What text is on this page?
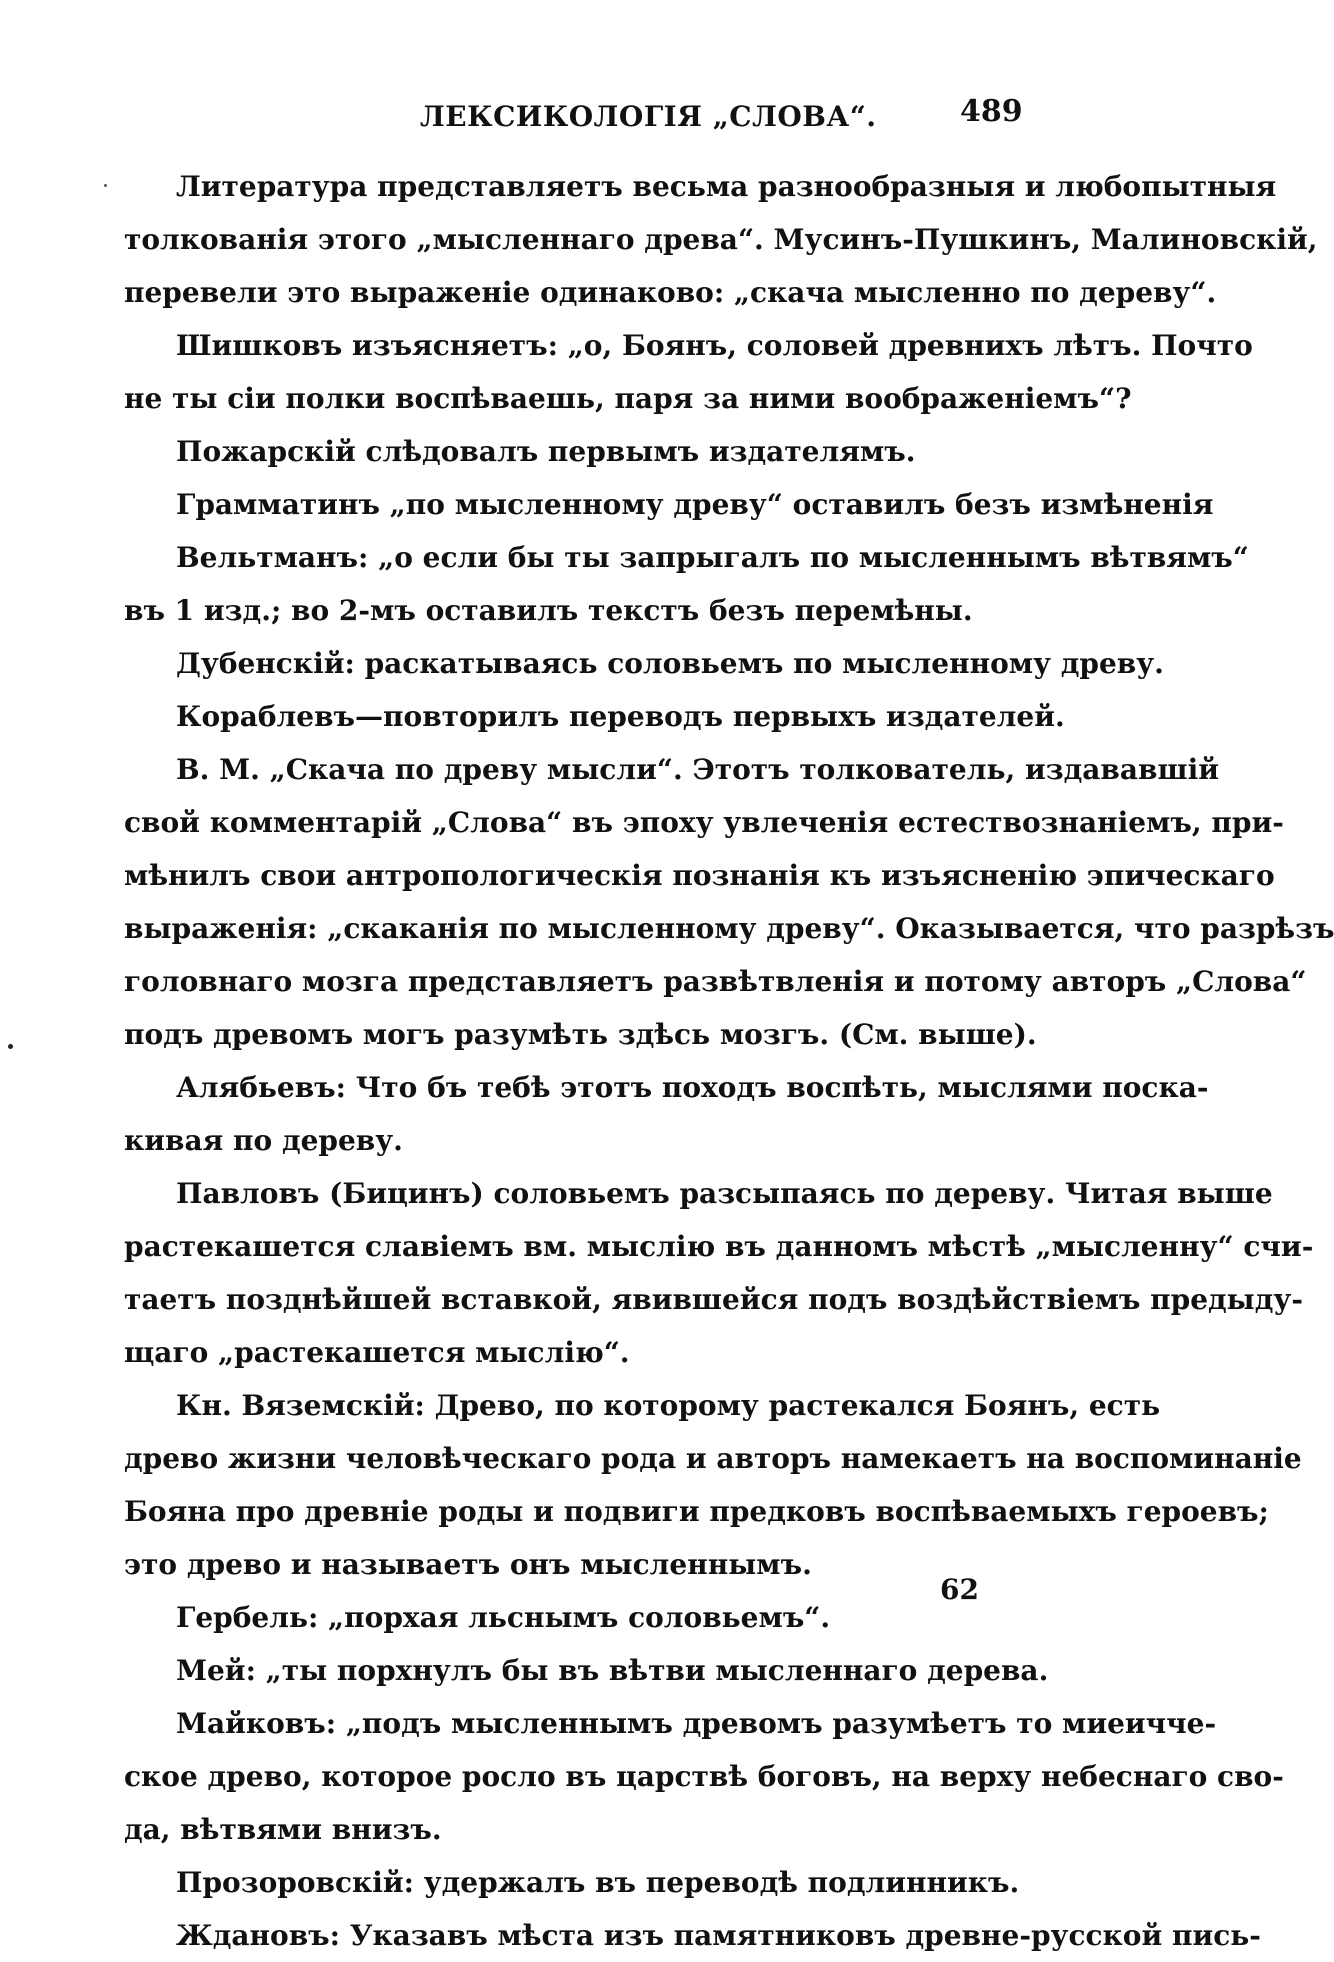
ЛЕКСИКОЛОГІЯ „СЛОВА“.	489
Литература представляетъ весьма разнообразныя и любопытныя
толкованія этого „мысленнаго древа“. Мусинъ-Пушкинъ, Малиновскій,
перевели это выраженіе одинаково: „скача мысленно по дереву“.
Шишковъ изъясняетъ: „о, Боянъ, соловей древнихъ лѣтъ. Почто
не ты сіи полки воспѣваешь, паря за ними воображеніемъ“?
Пожарскій слѣдовалъ первымъ издателямъ.
Грамматинъ „по мысленному древу“ оставилъ безъ измѣненія
Вельтманъ: „о если бы ты запрыгалъ по мысленнымъ вѣтвямъ“
въ 1 изд.; во 2-мъ оставилъ текстъ безъ перемѣны.
Дубенскій: раскатываясь соловьемъ по мысленному древу.
Кораблевъ—повторилъ переводъ первыхъ издателей.
В. М. „Скача по древу мысли“. Этотъ толкователь, издававшій
свой комментарій „Слова“ въ эпоху увлеченія естествознаніемъ, при-
мѣнилъ свои антропологическія познанія къ изъясненію эпическаго
выраженія: „скаканія по мысленному древу“. Оказывается, что разрѣзъ
головнаго мозга представляетъ развѣтвленія и потому авторъ „Слова“
подъ древомъ могъ разумѣть здѣсь мозгъ. (См. выше).
Алябьевъ: Что бъ тебѣ этотъ походъ воспѣть, мыслями поска-
кивая по дереву.
Павловъ (Бицинъ) соловьемъ разсыпаясь по дереву. Читая выше
растекашется славіемъ вм. мыслію въ данномъ мѣстѣ „мысленну“ счи-
таетъ позднѣйшей вставкой, явившейся подъ воздѣйствіемъ предыду-
щаго „растекашется мыслію“.
Кн. Вяземскій: Древо, по которому растекался Боянъ, есть
древо жизни человѣческаго рода и авторъ намекаетъ на воспоминаніе
Бояна про древніе роды и подвиги предковъ воспѣваемыхъ героевъ;
это древо и называетъ онъ мысленнымъ.
Гербель: „порхая льснымъ соловьемъ“.
Мей: „ты порхнулъ бы въ вѣтви мысленнаго дерева.
Майковъ: „подъ мысленнымъ древомъ разумѣетъ то миеичче-
ское древо, которое росло въ царствѣ боговъ, на верху небеснаго сво-
да, вѣтвями внизъ.
Прозоровскій: удержалъ въ переводѣ подлинникъ.
Ждановъ: Указавъ мѣста изъ памятниковъ древне-русской пись-
62
